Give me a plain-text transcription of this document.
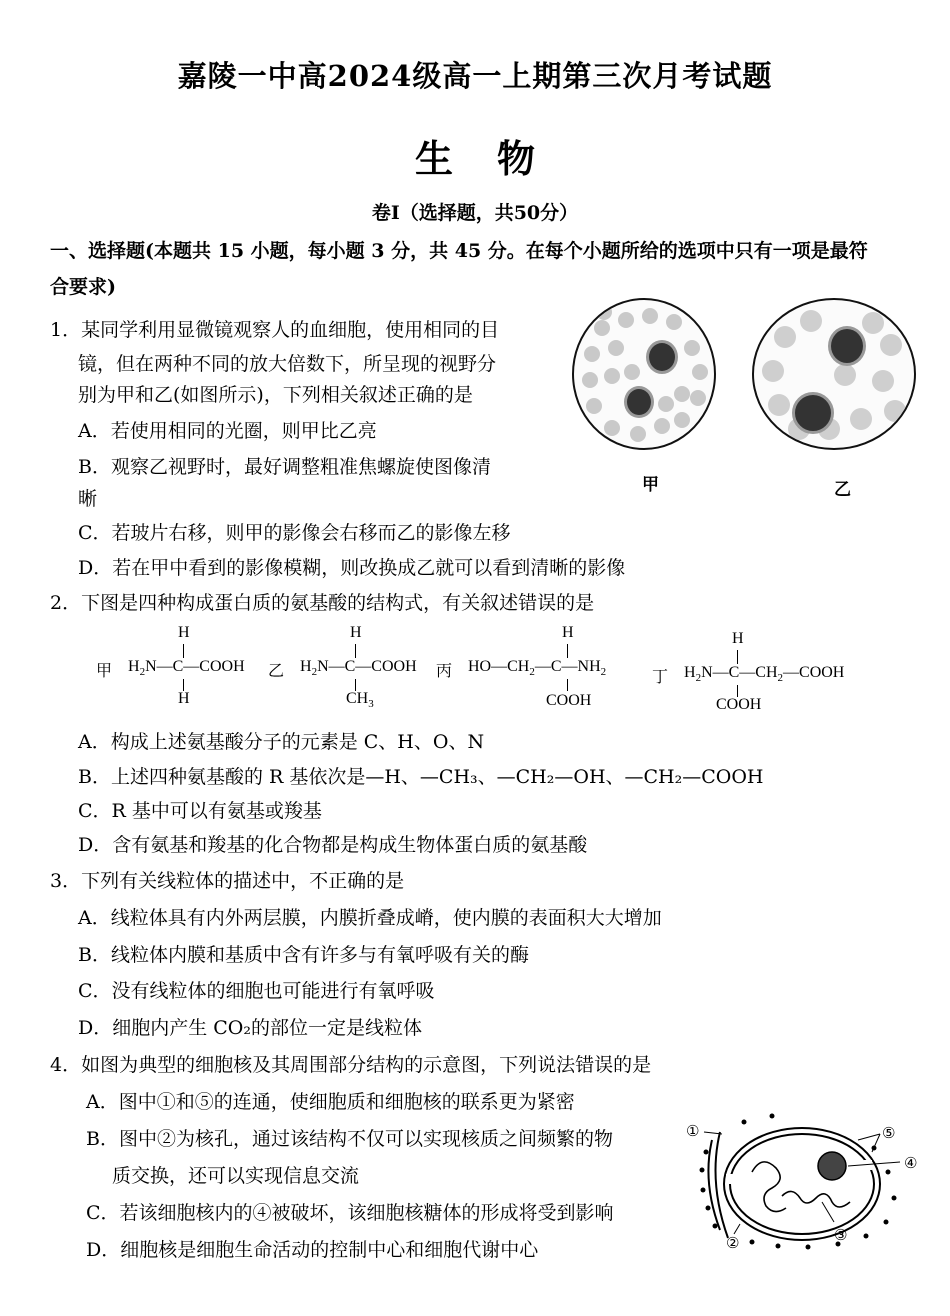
嘉陵一中高2024级高一上期第三次月考试题
生 物
卷Ⅰ（选择题，共50分）
一、选择题(本题共 15 小题，每小题 3 分，共 45 分。在每个小题所给的选项中只有一项是最符
合要求)
1．某同学利用显微镜观察人的血细胞，使用相同的目
镜，但在两种不同的放大倍数下，所呈现的视野分
别为甲和乙(如图所示)，下列相关叙述正确的是
A．若使用相同的光圈，则甲比乙亮
B．观察乙视野时，最好调整粗准焦螺旋使图像清
晰
C．若玻片右移，则甲的影像会右移而乙的影像左移
D．若在甲中看到的影像模糊，则改换成乙就可以看到清晰的影像
甲	乙
2．下图是四种构成蛋白质的氨基酸的结构式，有关叙述错误的是
甲
H
$H_2N—C—COOH$
H
乙
H
$H_2N—C—COOH$
$CH_3$
丙
H
$HO—CH_2—C—NH_2$
COOH
丁
H
$H_2N—C—CH_2—COOH$
COOH
A．构成上述氨基酸分子的元素是 C、H、O、N
B．上述四种氨基酸的 R 基依次是—H、—CH₃、—CH₂—OH、—CH₂—COOH
C．R 基中可以有氨基或羧基
D．含有氨基和羧基的化合物都是构成生物体蛋白质的氨基酸
3．下列有关线粒体的描述中，不正确的是
A．线粒体具有内外两层膜，内膜折叠成嵴，使内膜的表面积大大增加
B．线粒体内膜和基质中含有许多与有氧呼吸有关的酶
C．没有线粒体的细胞也可能进行有氧呼吸
D．细胞内产生 CO₂的部位一定是线粒体
4．如图为典型的细胞核及其周围部分结构的示意图，下列说法错误的是
A．图中①和⑤的连通，使细胞质和细胞核的联系更为紧密
B．图中②为核孔，通过该结构不仅可以实现核质之间频繁的物
质交换，还可以实现信息交流
C．若该细胞核内的④被破坏，该细胞核糖体的形成将受到影响
D．细胞核是细胞生命活动的控制中心和细胞代谢中心
①
②	③
④
⑤
